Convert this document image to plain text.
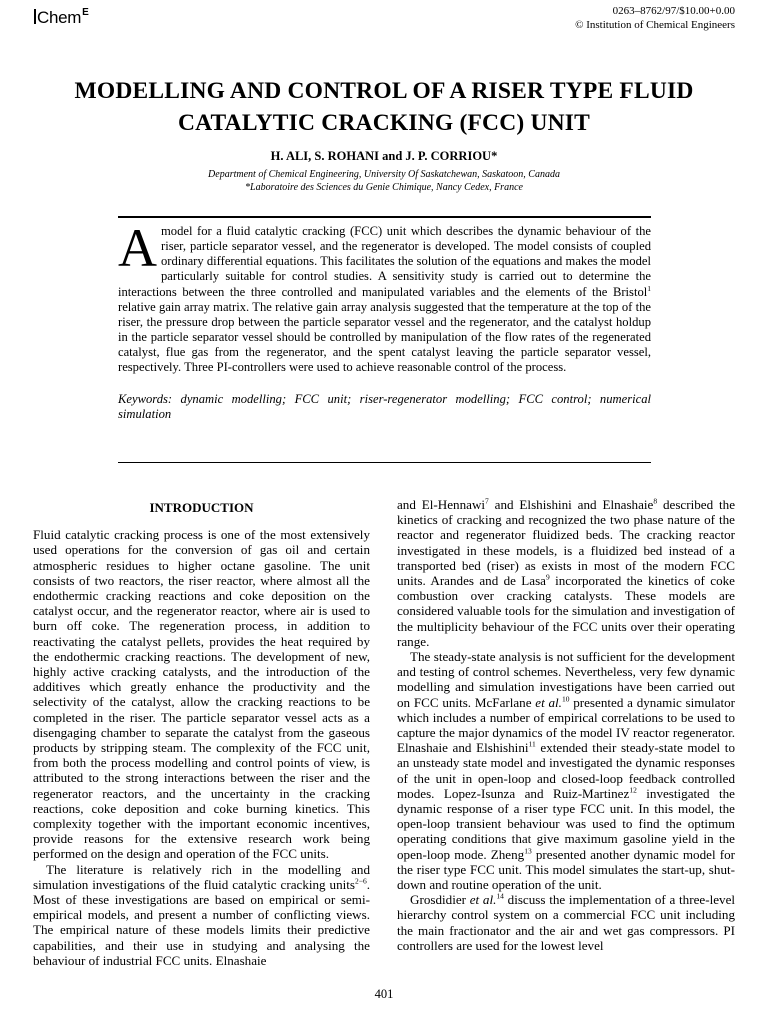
Chem$^E$	0263–8762/97/$10.00+0.00
© Institution of Chemical Engineers
MODELLING AND CONTROL OF A RISER TYPE FLUID
CATALYTIC CRACKING (FCC) UNIT
H. ALI, S. ROHANI and J. P. CORRIOU*
Department of Chemical Engineering, University Of Saskatchewan, Saskatoon, Canada
*Laboratoire des Sciences du Genie Chimique, Nancy Cedex, France

A model for a fluid catalytic cracking (FCC) unit which describes the dynamic behaviour of the riser, particle separator vessel, and the regenerator is developed. The model consists of coupled ordinary differential equations. This facilitates the solution of the equations and makes the model particularly suitable for control studies. A sensitivity study is carried out to determine the interactions between the three controlled and manipulated variables and the elements of the Bristol$^1$ relative gain array matrix. The relative gain array analysis suggested that the temperature at the top of the riser, the pressure drop between the particle separator vessel and the regenerator, and the catalyst holdup in the particle separator vessel should be controlled by manipulation of the flow rates of the regenerated catalyst, flue gas from the regenerator, and the spent catalyst leaving the particle separator vessel, respectively. Three PI-controllers were used to achieve reasonable control of the process.

Keywords: dynamic modelling; FCC unit; riser-regenerator modelling; FCC control; numerical simulation
INTRODUCTION

Fluid catalytic cracking process is one of the most extensively used operations for the conversion of gas oil and certain atmospheric residues to higher octane gasoline. The unit consists of two reactors, the riser reactor, where almost all the endothermic cracking reactions and coke deposition on the catalyst occur, and the regenerator reactor, where air is used to burn off coke. The regeneration process, in addition to reactivating the catalyst pellets, provides the heat required by the endothermic cracking reactions. The development of new, highly active cracking catalysts, and the introduction of the additives which greatly enhance the productivity and the selectivity of the catalyst, allow the cracking reactions to be completed in the riser. The particle separator vessel acts as a disengaging chamber to separate the catalyst from the gaseous products by stripping steam. The complexity of the FCC unit, from both the process modelling and control points of view, is attributed to the strong interactions between the riser and the regenerator reactors, and the uncertainty in the cracking reactions, coke deposition and coke burning kinetics. This complexity together with the important economic incentives, provide reasons for the extensive research work being performed on the design and operation of the FCC units.

The literature is relatively rich in the modelling and simulation investigations of the fluid catalytic cracking units$^{2-6}$. Most of these investigations are based on empirical or semi-empirical models, and present a number of conflicting views. The empirical nature of these models limits their predictive capabilities, and their use in studying and analysing the behaviour of industrial FCC units. Elnashaie

and El-Hennawi$^7$ and Elshishini and Elnashaie$^8$ described the kinetics of cracking and recognized the two phase nature of the reactor and regenerator fluidized beds. The cracking reactor investigated in these models, is a fluidized bed instead of a transported bed (riser) as exists in most of the modern FCC units. Arandes and de Lasa$^9$ incorporated the kinetics of coke combustion over cracking catalysts. These models are considered valuable tools for the simulation and investigation of the multiplicity behaviour of the FCC units over their operating range.

The steady-state analysis is not sufficient for the development and testing of control schemes. Nevertheless, very few dynamic modelling and simulation investigations have been carried out on FCC units. McFarlane et al.$^{10}$ presented a dynamic simulator which includes a number of empirical correlations to be used to capture the major dynamics of the model IV reactor regenerator. Elnashaie and Elshishini$^{11}$ extended their steady-state model to an unsteady state model and investigated the dynamic responses of the unit in open-loop and closed-loop feedback controlled modes. Lopez-Isunza and Ruiz-Martinez$^{12}$ investigated the dynamic response of a riser type FCC unit. In this model, the open-loop transient behaviour was used to find the optimum operating conditions that give maximum gasoline yield in the open-loop mode. Zheng$^{13}$ presented another dynamic model for the riser type FCC unit. This model simulates the start-up, shut-down and routine operation of the unit.

Grosdidier et al.$^{14}$ discuss the implementation of a three-level hierarchy control system on a commercial FCC unit including the main fractionator and the air and wet gas compressors. PI controllers are used for the lowest level

401
